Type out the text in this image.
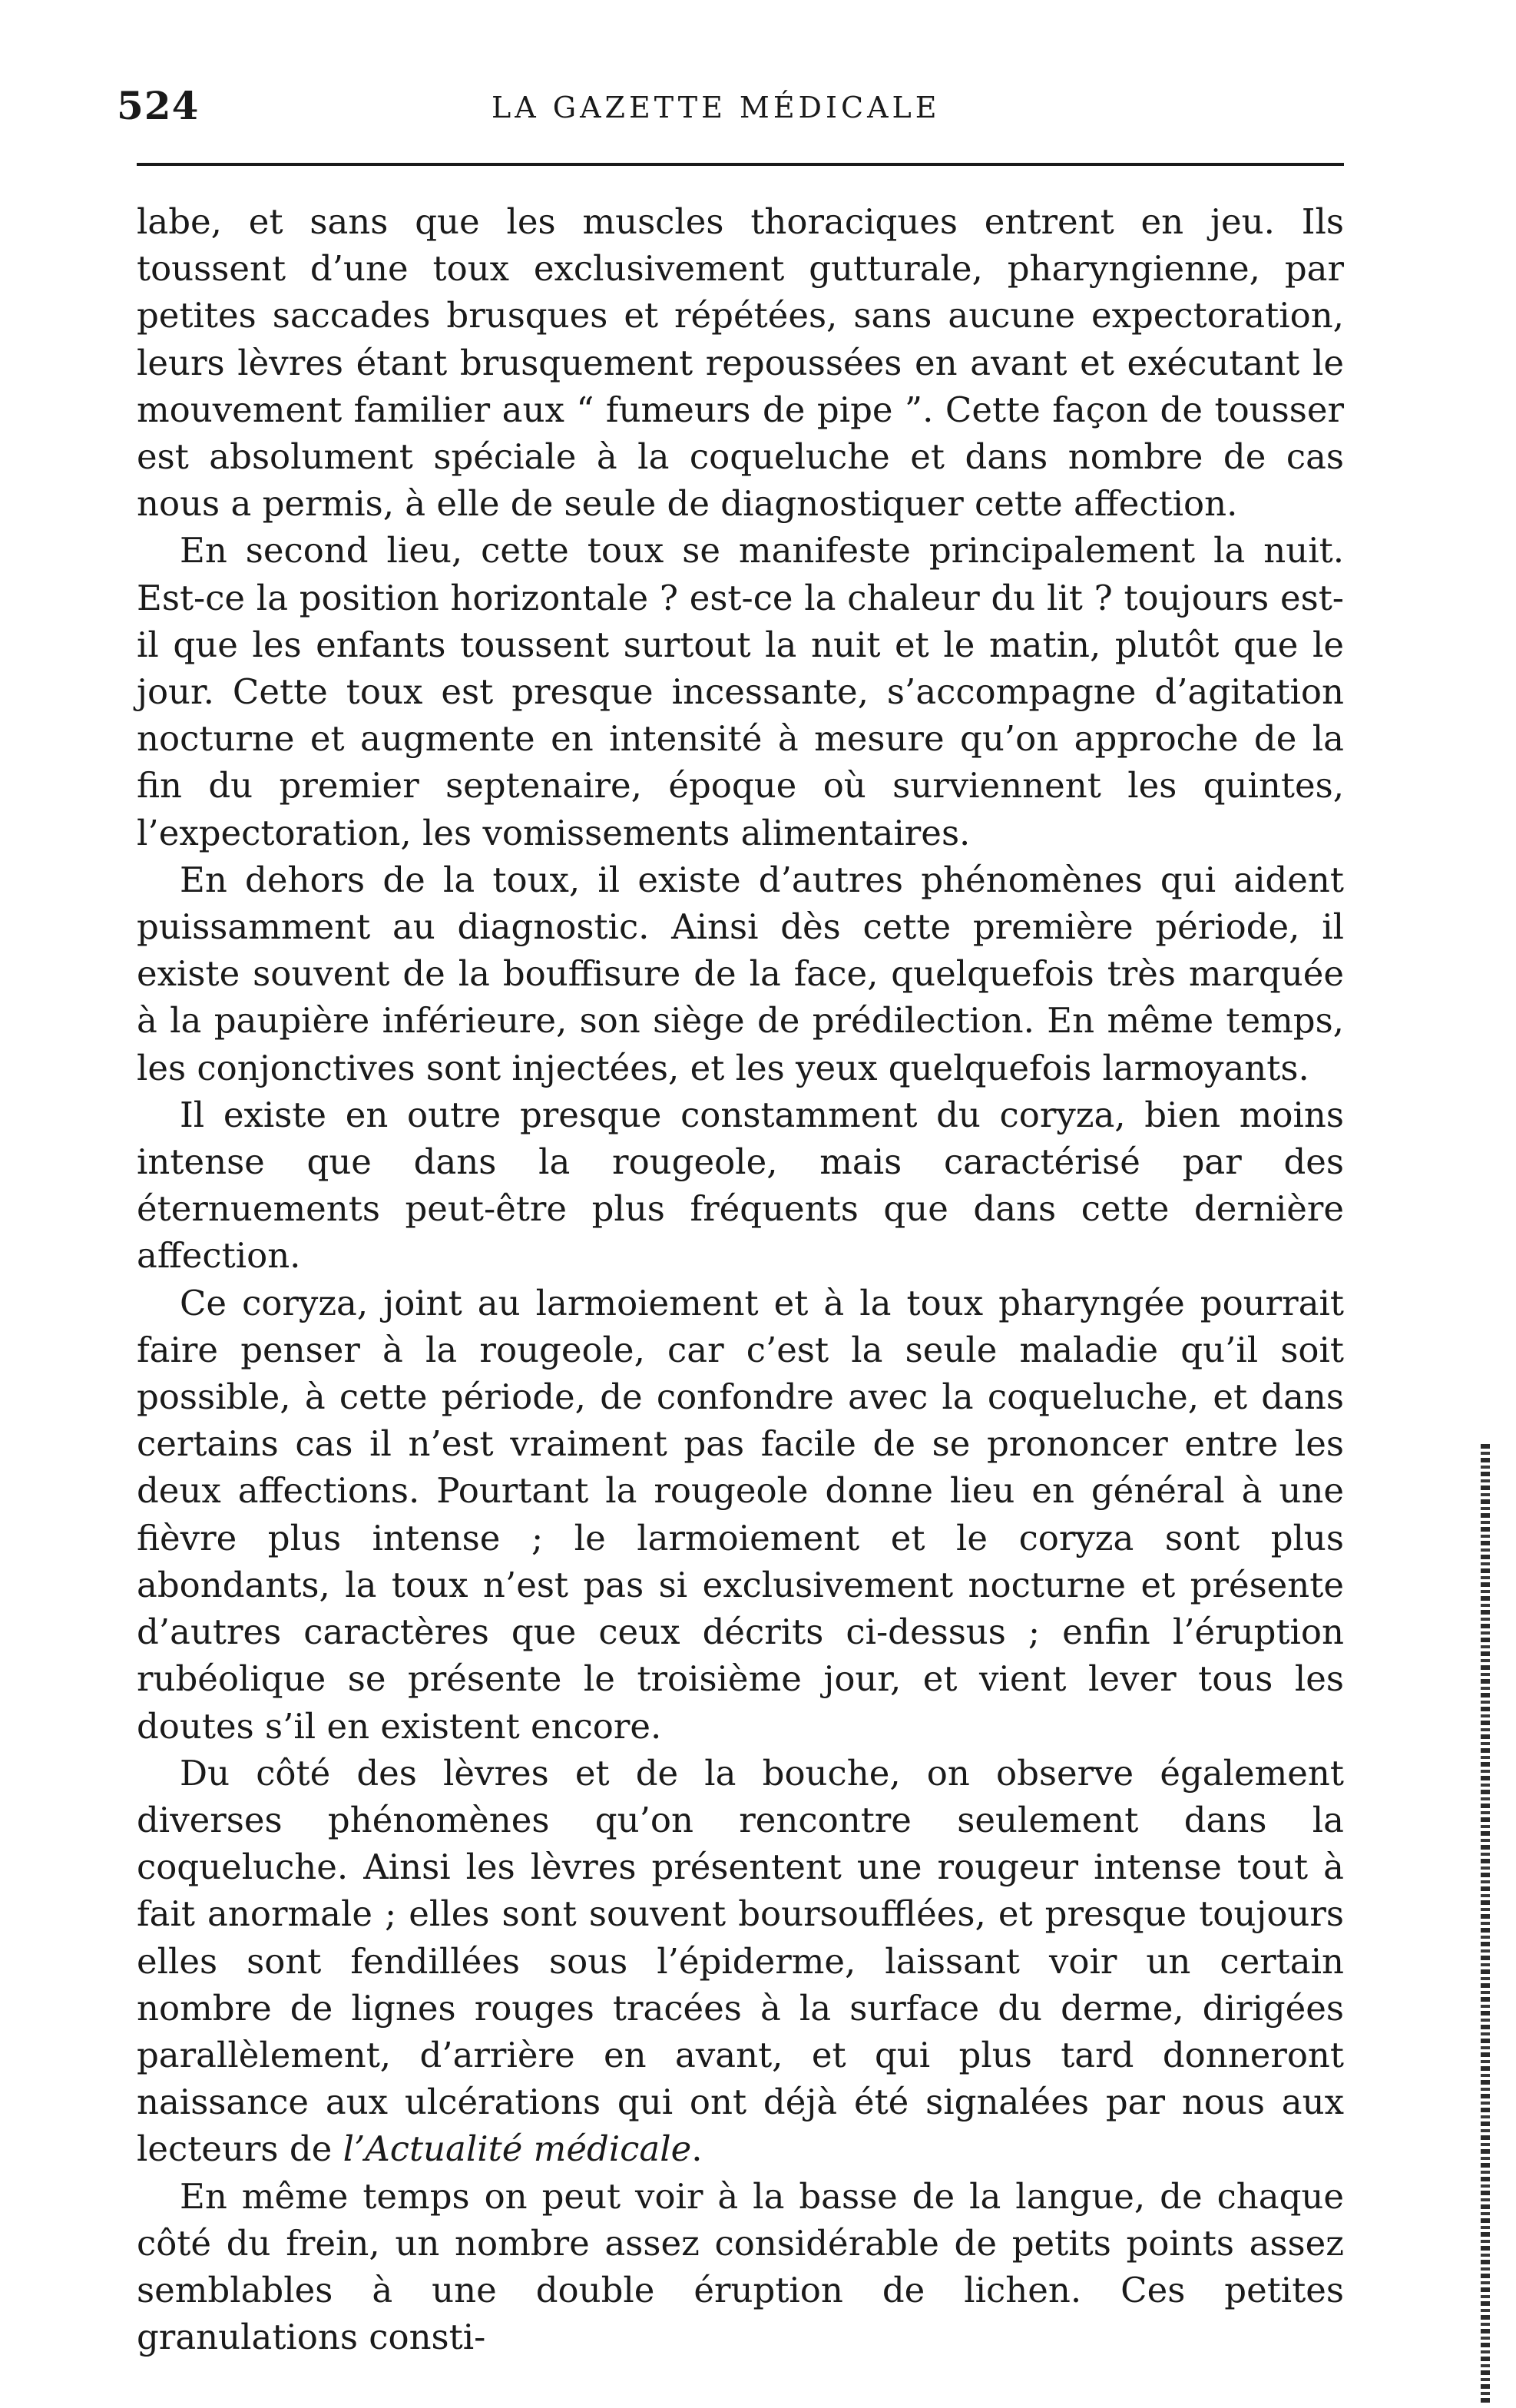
524	LA GAZETTE MÉDICALE

labe, et sans que les muscles thoraciques entrent en jeu. Ils toussent d’une toux exclusivement gutturale, pharyngienne, par petites saccades brusques et répétées, sans aucune expectoration, leurs lèvres étant brusquement repoussées en avant et exécutant le mouvement familier aux “ fumeurs de pipe ”. Cette façon de tousser est absolument spéciale à la coqueluche et dans nombre de cas nous a permis, à elle de seule de diagnostiquer cette affection.

En second lieu, cette toux se manifeste principalement la nuit. Est-ce la position horizontale ? est-ce la chaleur du lit ? toujours est-il que les enfants toussent surtout la nuit et le matin, plutôt que le jour. Cette toux est presque incessante, s’accompagne d’agitation nocturne et augmente en intensité à mesure qu’on approche de la fin du premier septenaire, époque où surviennent les quintes, l’expectoration, les vomissements alimentaires.

En dehors de la toux, il existe d’autres phénomènes qui aident puissamment au diagnostic. Ainsi dès cette première période, il existe souvent de la bouffisure de la face, quelquefois très marquée à la paupière inférieure, son siège de prédilection. En même temps, les conjonctives sont injectées, et les yeux quelquefois larmoyants.

Il existe en outre presque constamment du coryza, bien moins intense que dans la rougeole, mais caractérisé par des éternuements peut-être plus fréquents que dans cette dernière affection.

Ce coryza, joint au larmoiement et à la toux pharyngée pourrait faire penser à la rougeole, car c’est la seule maladie qu’il soit possible, à cette période, de confondre avec la coqueluche, et dans certains cas il n’est vraiment pas facile de se prononcer entre les deux affections. Pourtant la rougeole donne lieu en général à une fièvre plus intense ; le larmoiement et le coryza sont plus abondants, la toux n’est pas si exclusivement nocturne et présente d’autres caractères que ceux décrits ci-dessus ; enfin l’éruption rubéolique se présente le troisième jour, et vient lever tous les doutes s’il en existent encore.

Du côté des lèvres et de la bouche, on observe également diverses phénomènes qu’on rencontre seulement dans la coqueluche. Ainsi les lèvres présentent une rougeur intense tout à fait anormale ; elles sont souvent boursoufflées, et presque toujours elles sont fendillées sous l’épiderme, laissant voir un certain nombre de lignes rouges tracées à la surface du derme, dirigées parallèlement, d’arrière en avant, et qui plus tard donneront naissance aux ulcérations qui ont déjà été signalées par nous aux lecteurs de l’Actualité médicale.

En même temps on peut voir à la basse de la langue, de chaque côté du frein, un nombre assez considérable de petits points assez semblables à une double éruption de lichen. Ces petites granulations consti-
